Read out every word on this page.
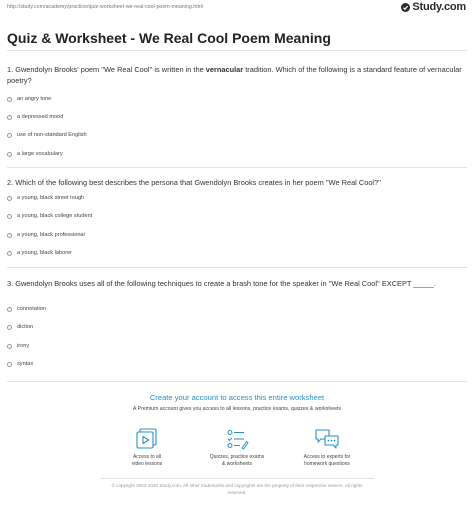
http://study.com/academy/practice/quiz-worksheet-we-real-cool-poem-meaning.html	Study.com
Quiz & Worksheet - We Real Cool Poem Meaning
1. Gwendolyn Brooks' poem ''We Real Cool'' is written in the vernacular tradition. Which of the following is a standard feature of vernacular poetry?
an angry tone
a depressed mood
use of non-standard English
a large vocabulary
2. Which of the following best describes the persona that Gwendolyn Brooks creates in her poem ''We Real Cool?''
a young, black street tough
a young, black college student
a young, black professional
a young, black laborer
3. Gwendolyn Brooks uses all of the following techniques to create a brash tone for the speaker in ''We Real Cool'' EXCEPT _____.
connotation
diction
irony
syntax
Create your account to access this entire worksheet
A Premium account gives you access to all lessons, practice exams, quizzes & worksheets
Access to all
video lessons
Quizzes, practice exams
& worksheets
Access to experts for
homework questions
© copyright 2003-2020 Study.com. All other trademarks and copyrights are the property of their respective owners. All rights
reserved.
